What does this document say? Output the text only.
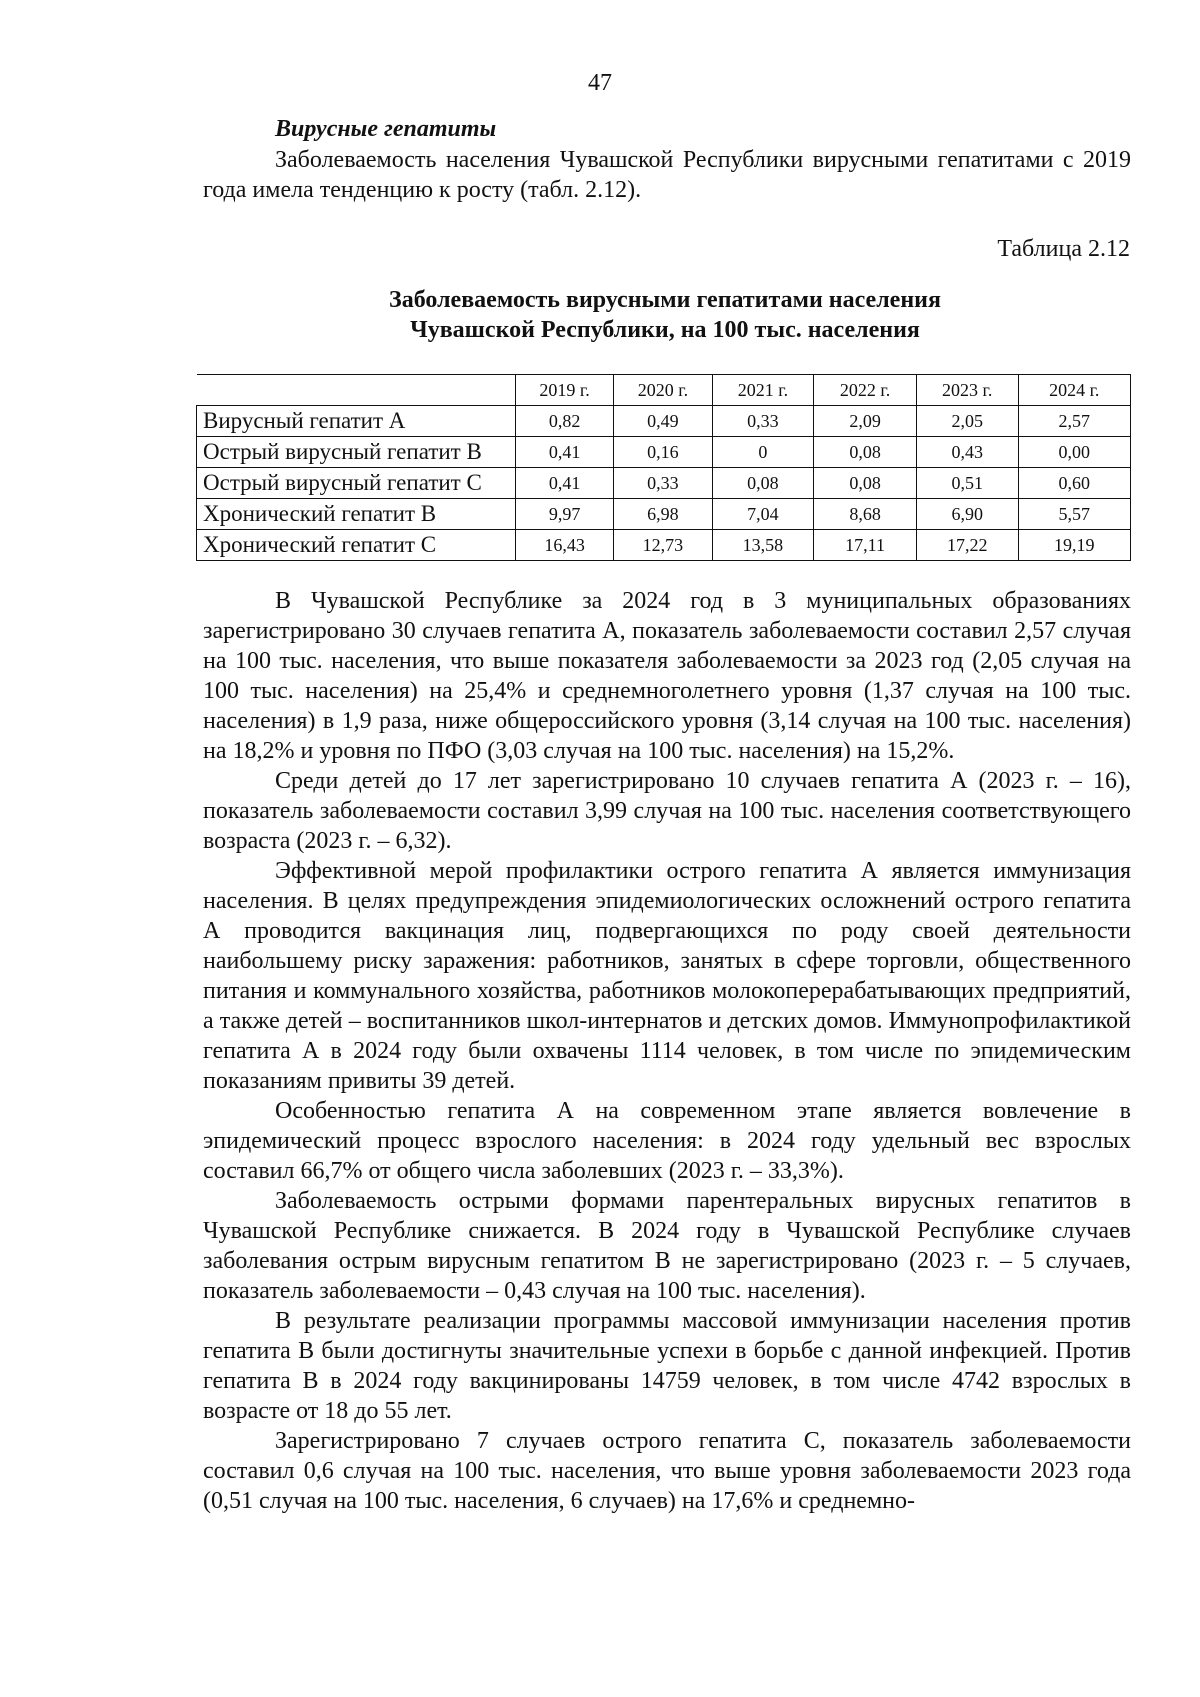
47
Вирусные гепатиты

Заболеваемость населения Чувашской Республики вирусными гепатитами с 2019 года имела тенденцию к росту (табл. 2.12).

Таблица 2.12
Заболеваемость вирусными гепатитами населения
Чувашской Республики, на 100 тыс. населения
	2019 г.	2020 г.	2021 г.	2022 г.	2023 г.	2024 г.
Вирусный гепатит А	0,82	0,49	0,33	2,09	2,05	2,57
Острый вирусный гепатит В	0,41	0,16	0	0,08	0,43	0,00
Острый вирусный гепатит С	0,41	0,33	0,08	0,08	0,51	0,60
Хронический гепатит В	9,97	6,98	7,04	8,68	6,90	5,57
Хронический гепатит С	16,43	12,73	13,58	17,11	17,22	19,19

В Чувашской Республике за 2024 год в 3 муниципальных образованиях зарегистрировано 30 случаев гепатита А, показатель заболеваемости составил 2,57 случая на 100 тыс. населения, что выше показателя заболеваемости за 2023 год (2,05 случая на 100 тыс. населения) на 25,4% и среднемноголетнего уровня (1,37 случая на 100 тыс. населения) в 1,9 раза, ниже общероссийского уровня (3,14 случая на 100 тыс. населения) на 18,2% и уровня по ПФО (3,03 случая на 100 тыс. населения) на 15,2%.

Среди детей до 17 лет зарегистрировано 10 случаев гепатита А (2023 г. – 16), показатель заболеваемости составил 3,99 случая на 100 тыс. населения соответствующего возраста (2023 г. – 6,32).

Эффективной мерой профилактики острого гепатита А является иммунизация населения. В целях предупреждения эпидемиологических осложнений острого гепатита А проводится вакцинация лиц, подвергающихся по роду своей деятельности наибольшему риску заражения: работников, занятых в сфере торговли, общественного питания и коммунального хозяйства, работников молокоперерабатывающих предприятий, а также детей – воспитанников школ-интернатов и детских домов. Иммунопрофилактикой гепатита А в 2024 году были охвачены 1114 человек, в том числе по эпидемическим показаниям привиты 39 детей.

Особенностью гепатита А на современном этапе является вовлечение в эпидемический процесс взрослого населения: в 2024 году удельный вес взрослых составил 66,7% от общего числа заболевших (2023 г. – 33,3%).

Заболеваемость острыми формами парентеральных вирусных гепатитов в Чувашской Республике снижается. В 2024 году в Чувашской Республике случаев заболевания острым вирусным гепатитом В не зарегистрировано (2023 г. – 5 случаев, показатель заболеваемости – 0,43 случая на 100 тыс. населения).

В результате реализации программы массовой иммунизации населения против гепатита В были достигнуты значительные успехи в борьбе с данной инфекцией. Против гепатита В в 2024 году вакцинированы 14759 человек, в том числе 4742 взрослых в возрасте от 18 до 55 лет.

Зарегистрировано 7 случаев острого гепатита С, показатель заболеваемости составил 0,6 случая на 100 тыс. населения, что выше уровня заболеваемости 2023 года (0,51 случая на 100 тыс. населения, 6 случаев) на 17,6% и среднемно-
